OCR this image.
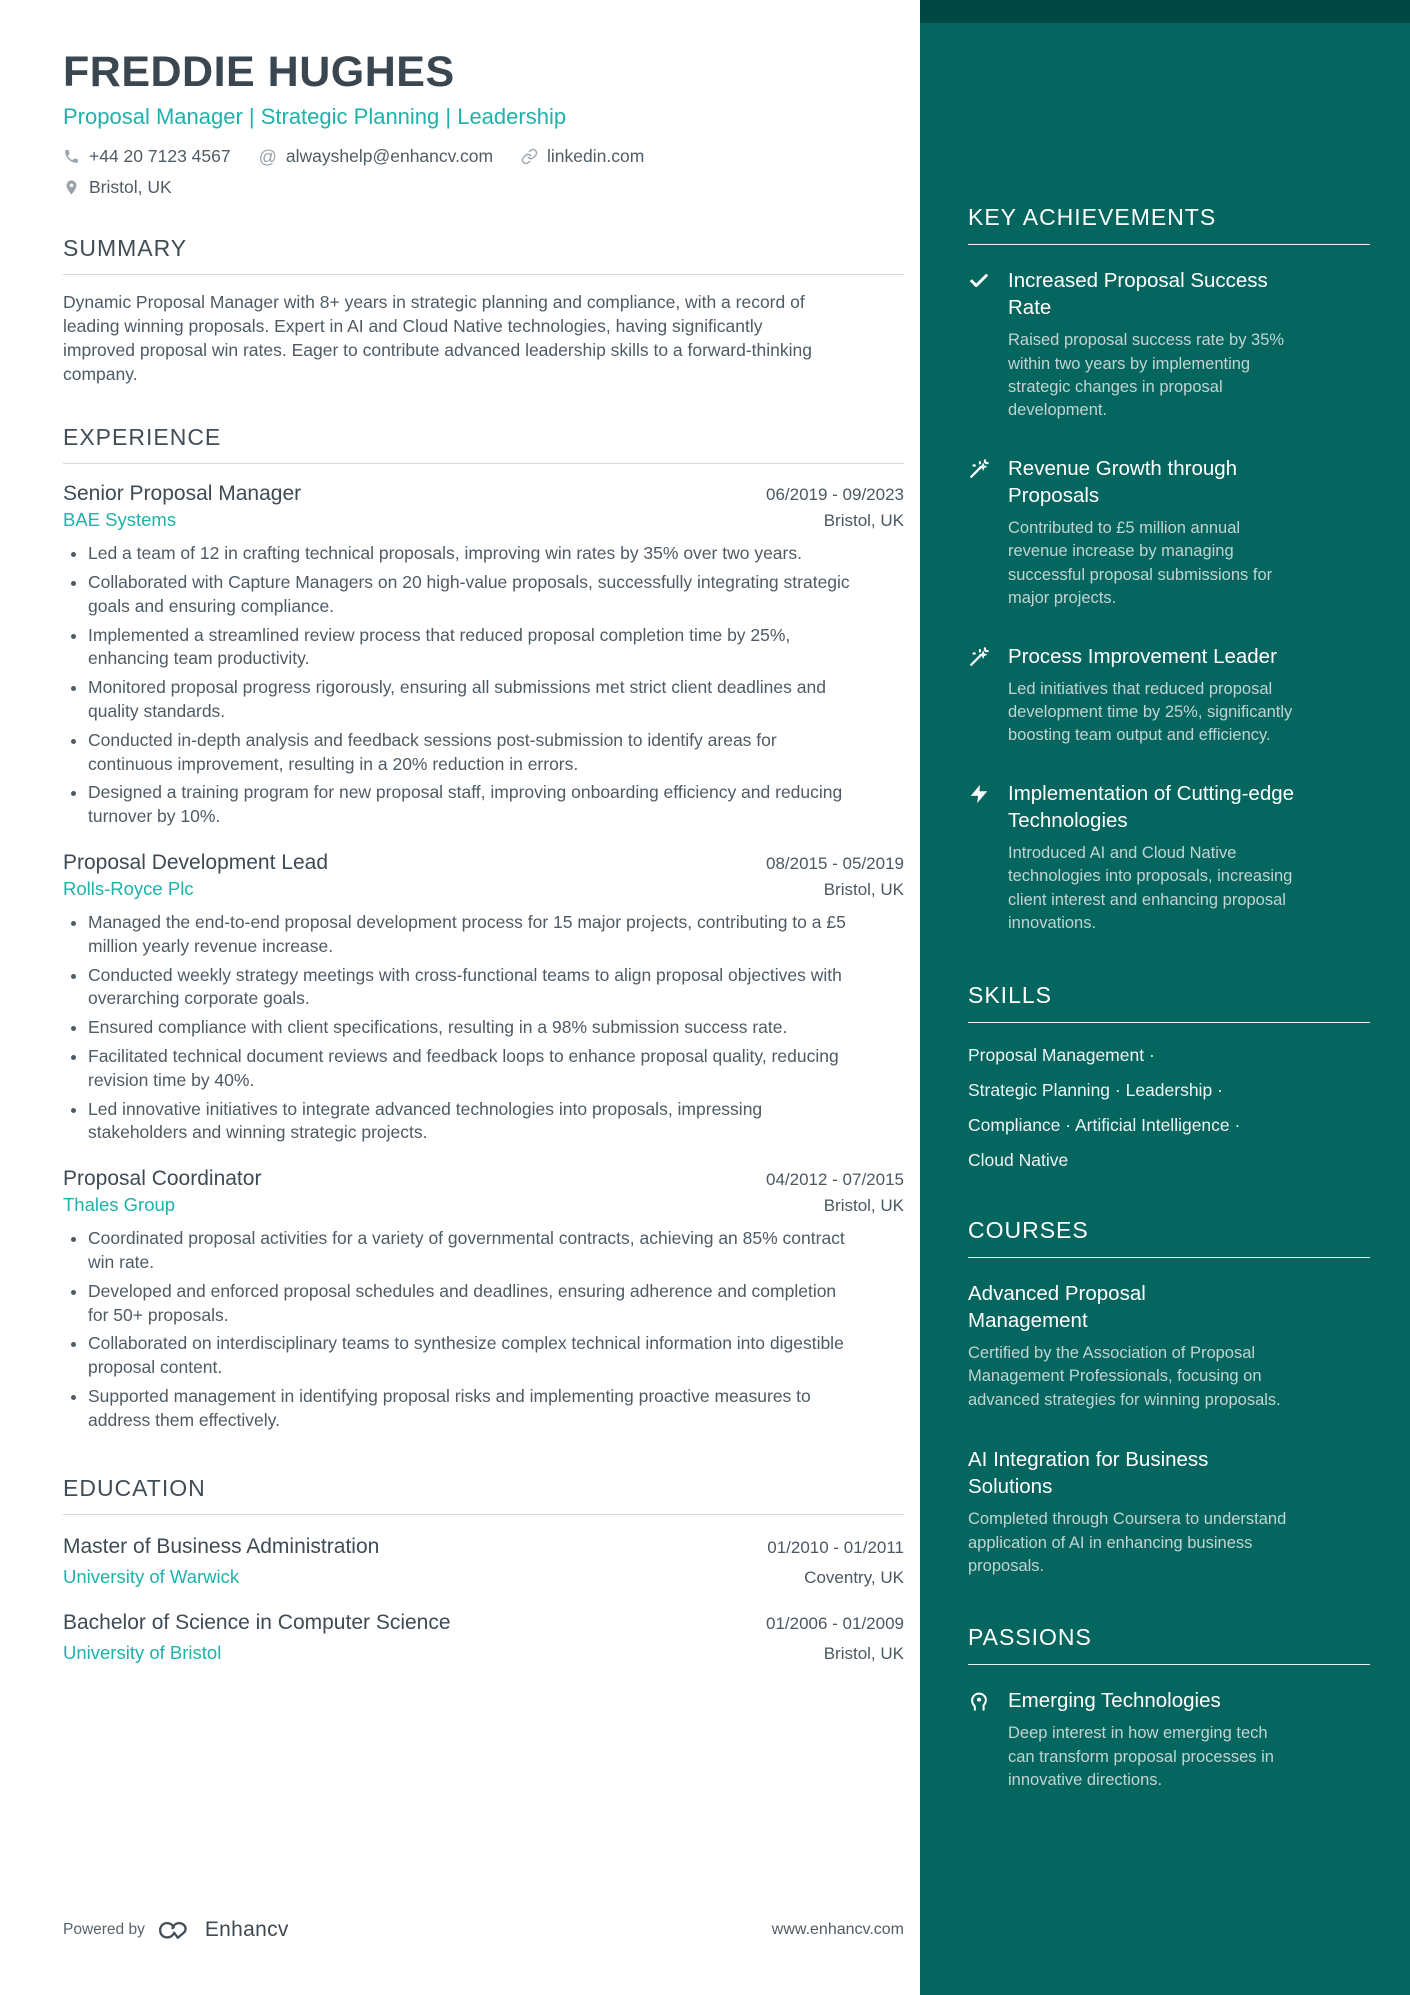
FREDDIE HUGHES
Proposal Manager | Strategic Planning | Leadership
+44 20 7123 4567 @ alwayshelp@enhancv.com	linkedin.com
Bristol, UK
SUMMARY

Dynamic Proposal Manager with 8+ years in strategic planning and compliance, with a record of leading winning proposals. Expert in AI and Cloud Native technologies, having significantly improved proposal win rates. Eager to contribute advanced leadership skills to a forward-thinking company.

EXPERIENCE
Senior Proposal Manager	06/2019 - 09/2023
BAE Systems	Bristol, UK
• Led a team of 12 in crafting technical proposals, improving win rates by 35% over two years.
• Collaborated with Capture Managers on 20 high-value proposals, successfully integrating strategic goals and ensuring compliance.
• Implemented a streamlined review process that reduced proposal completion time by 25%, enhancing team productivity.
• Monitored proposal progress rigorously, ensuring all submissions met strict client deadlines and quality standards.
• Conducted in-depth analysis and feedback sessions post-submission to identify areas for continuous improvement, resulting in a 20% reduction in errors.
• Designed a training program for new proposal staff, improving onboarding efficiency and reducing turnover by 10%.
Proposal Development Lead	08/2015 - 05/2019
Rolls-Royce Plc	Bristol, UK
• Managed the end-to-end proposal development process for 15 major projects, contributing to a £5 million yearly revenue increase.
• Conducted weekly strategy meetings with cross-functional teams to align proposal objectives with overarching corporate goals.
• Ensured compliance with client specifications, resulting in a 98% submission success rate.
• Facilitated technical document reviews and feedback loops to enhance proposal quality, reducing revision time by 40%.
• Led innovative initiatives to integrate advanced technologies into proposals, impressing stakeholders and winning strategic projects.
Proposal Coordinator	04/2012 - 07/2015
Thales Group	Bristol, UK
• Coordinated proposal activities for a variety of governmental contracts, achieving an 85% contract win rate.
• Developed and enforced proposal schedules and deadlines, ensuring adherence and completion for 50+ proposals.
• Collaborated on interdisciplinary teams to synthesize complex technical information into digestible proposal content.
• Supported management in identifying proposal risks and implementing proactive measures to address them effectively.
EDUCATION
Master of Business Administration	01/2010 - 01/2011
University of Warwick	Coventry, UK
Bachelor of Science in Computer Science	01/2006 - 01/2009
University of Bristol	Bristol, UK
Powered by	Enhancv	www.enhancv.com
KEY ACHIEVEMENTS
Increased Proposal Success Rate

Raised proposal success rate by 35% within two years by implementing strategic changes in proposal development.

Revenue Growth through Proposals

Contributed to £5 million annual revenue increase by managing successful proposal submissions for major projects.

Process Improvement Leader

Led initiatives that reduced proposal development time by 25%, significantly boosting team output and efficiency.

Implementation of Cutting-edge Technologies

Introduced AI and Cloud Native technologies into proposals, increasing client interest and enhancing proposal innovations.

SKILLS
Proposal Management ·
Strategic Planning · Leadership ·
Compliance · Artificial Intelligence ·
Cloud Native
COURSES
Advanced Proposal Management

Certified by the Association of Proposal Management Professionals, focusing on advanced strategies for winning proposals.

AI Integration for Business Solutions

Completed through Coursera to understand application of AI in enhancing business proposals.

PASSIONS
Emerging Technologies

Deep interest in how emerging tech can transform proposal processes in innovative directions.
